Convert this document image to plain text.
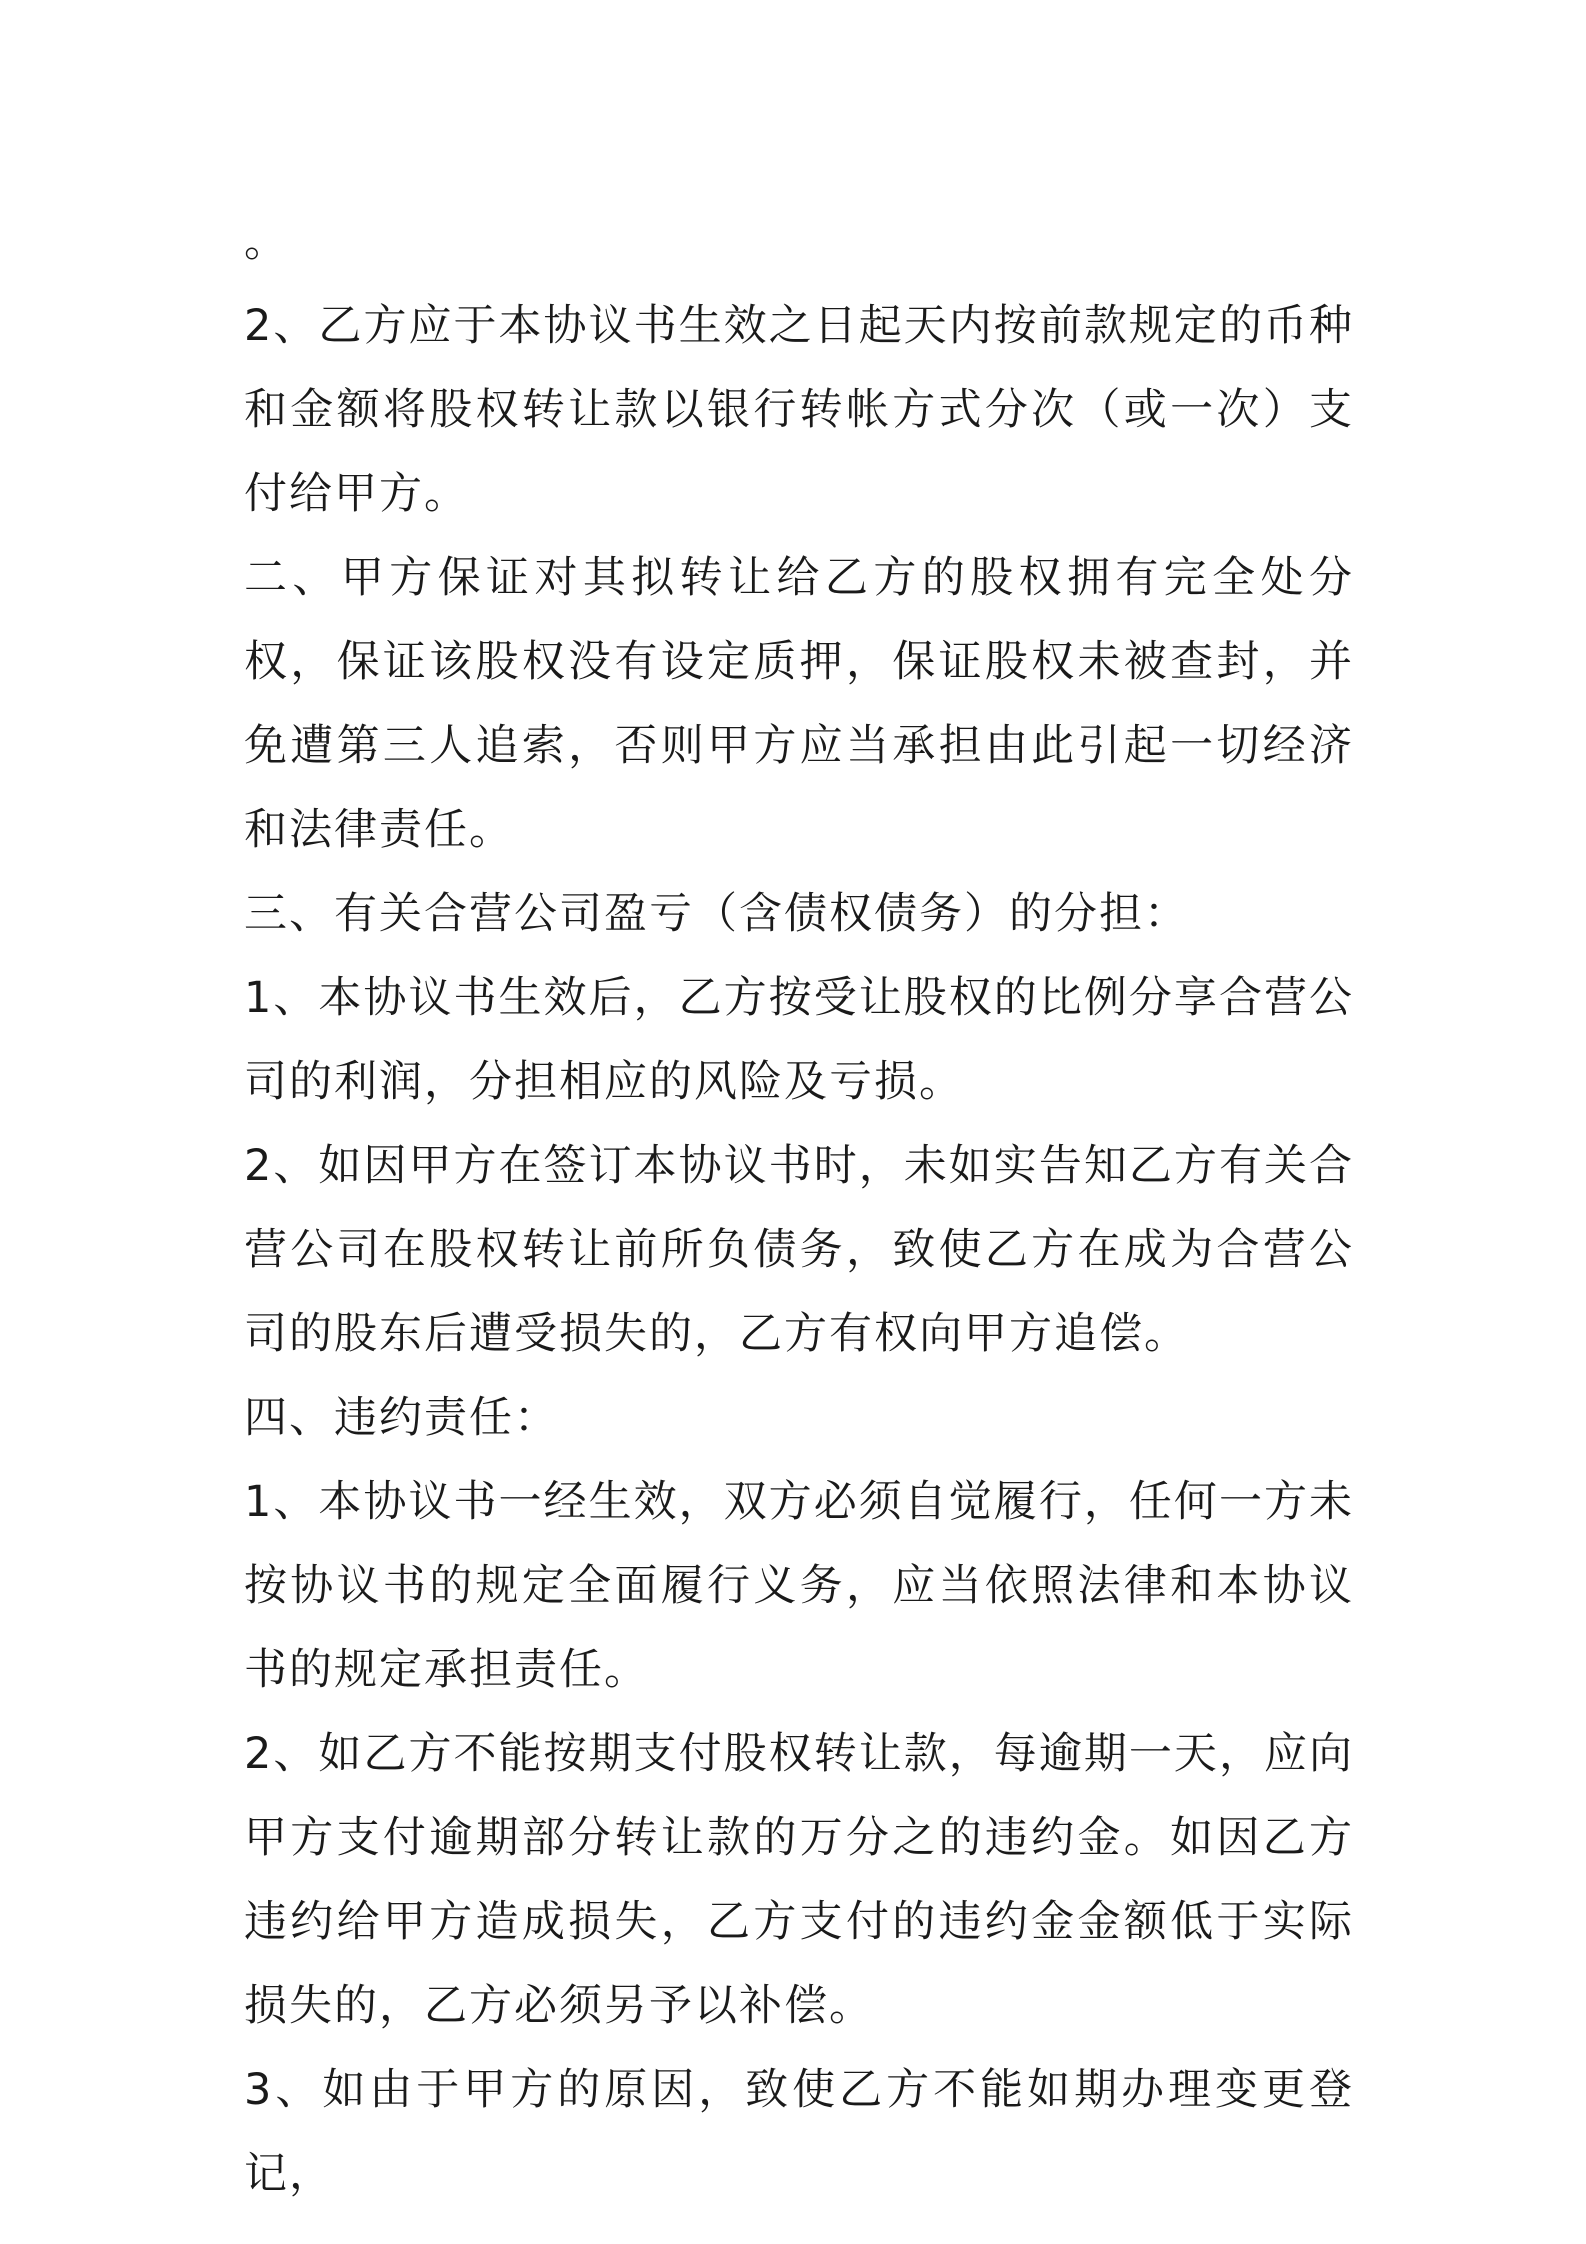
。

2、乙方应于本协议书生效之日起天内按前款规定的币种和金额将股权转让款以银行转帐方式分次（或一次）支付给甲方。

二、甲方保证对其拟转让给乙方的股权拥有完全处分权，保证该股权没有设定质押，保证股权未被查封，并免遭第三人追索，否则甲方应当承担由此引起一切经济和法律责任。

三、有关合营公司盈亏（含债权债务）的分担：

1、本协议书生效后，乙方按受让股权的比例分享合营公司的利润，分担相应的风险及亏损。

2、如因甲方在签订本协议书时，未如实告知乙方有关合营公司在股权转让前所负债务，致使乙方在成为合营公司的股东后遭受损失的，乙方有权向甲方追偿。

四、违约责任：

1、本协议书一经生效，双方必须自觉履行，任何一方未按协议书的规定全面履行义务，应当依照法律和本协议书的规定承担责任。

2、如乙方不能按期支付股权转让款，每逾期一天，应向甲方支付逾期部分转让款的万分之的违约金。如因乙方违约给甲方造成损失，乙方支付的违约金金额低于实际损失的，乙方必须另予以补偿。

3、如由于甲方的原因，致使乙方不能如期办理变更登记，
